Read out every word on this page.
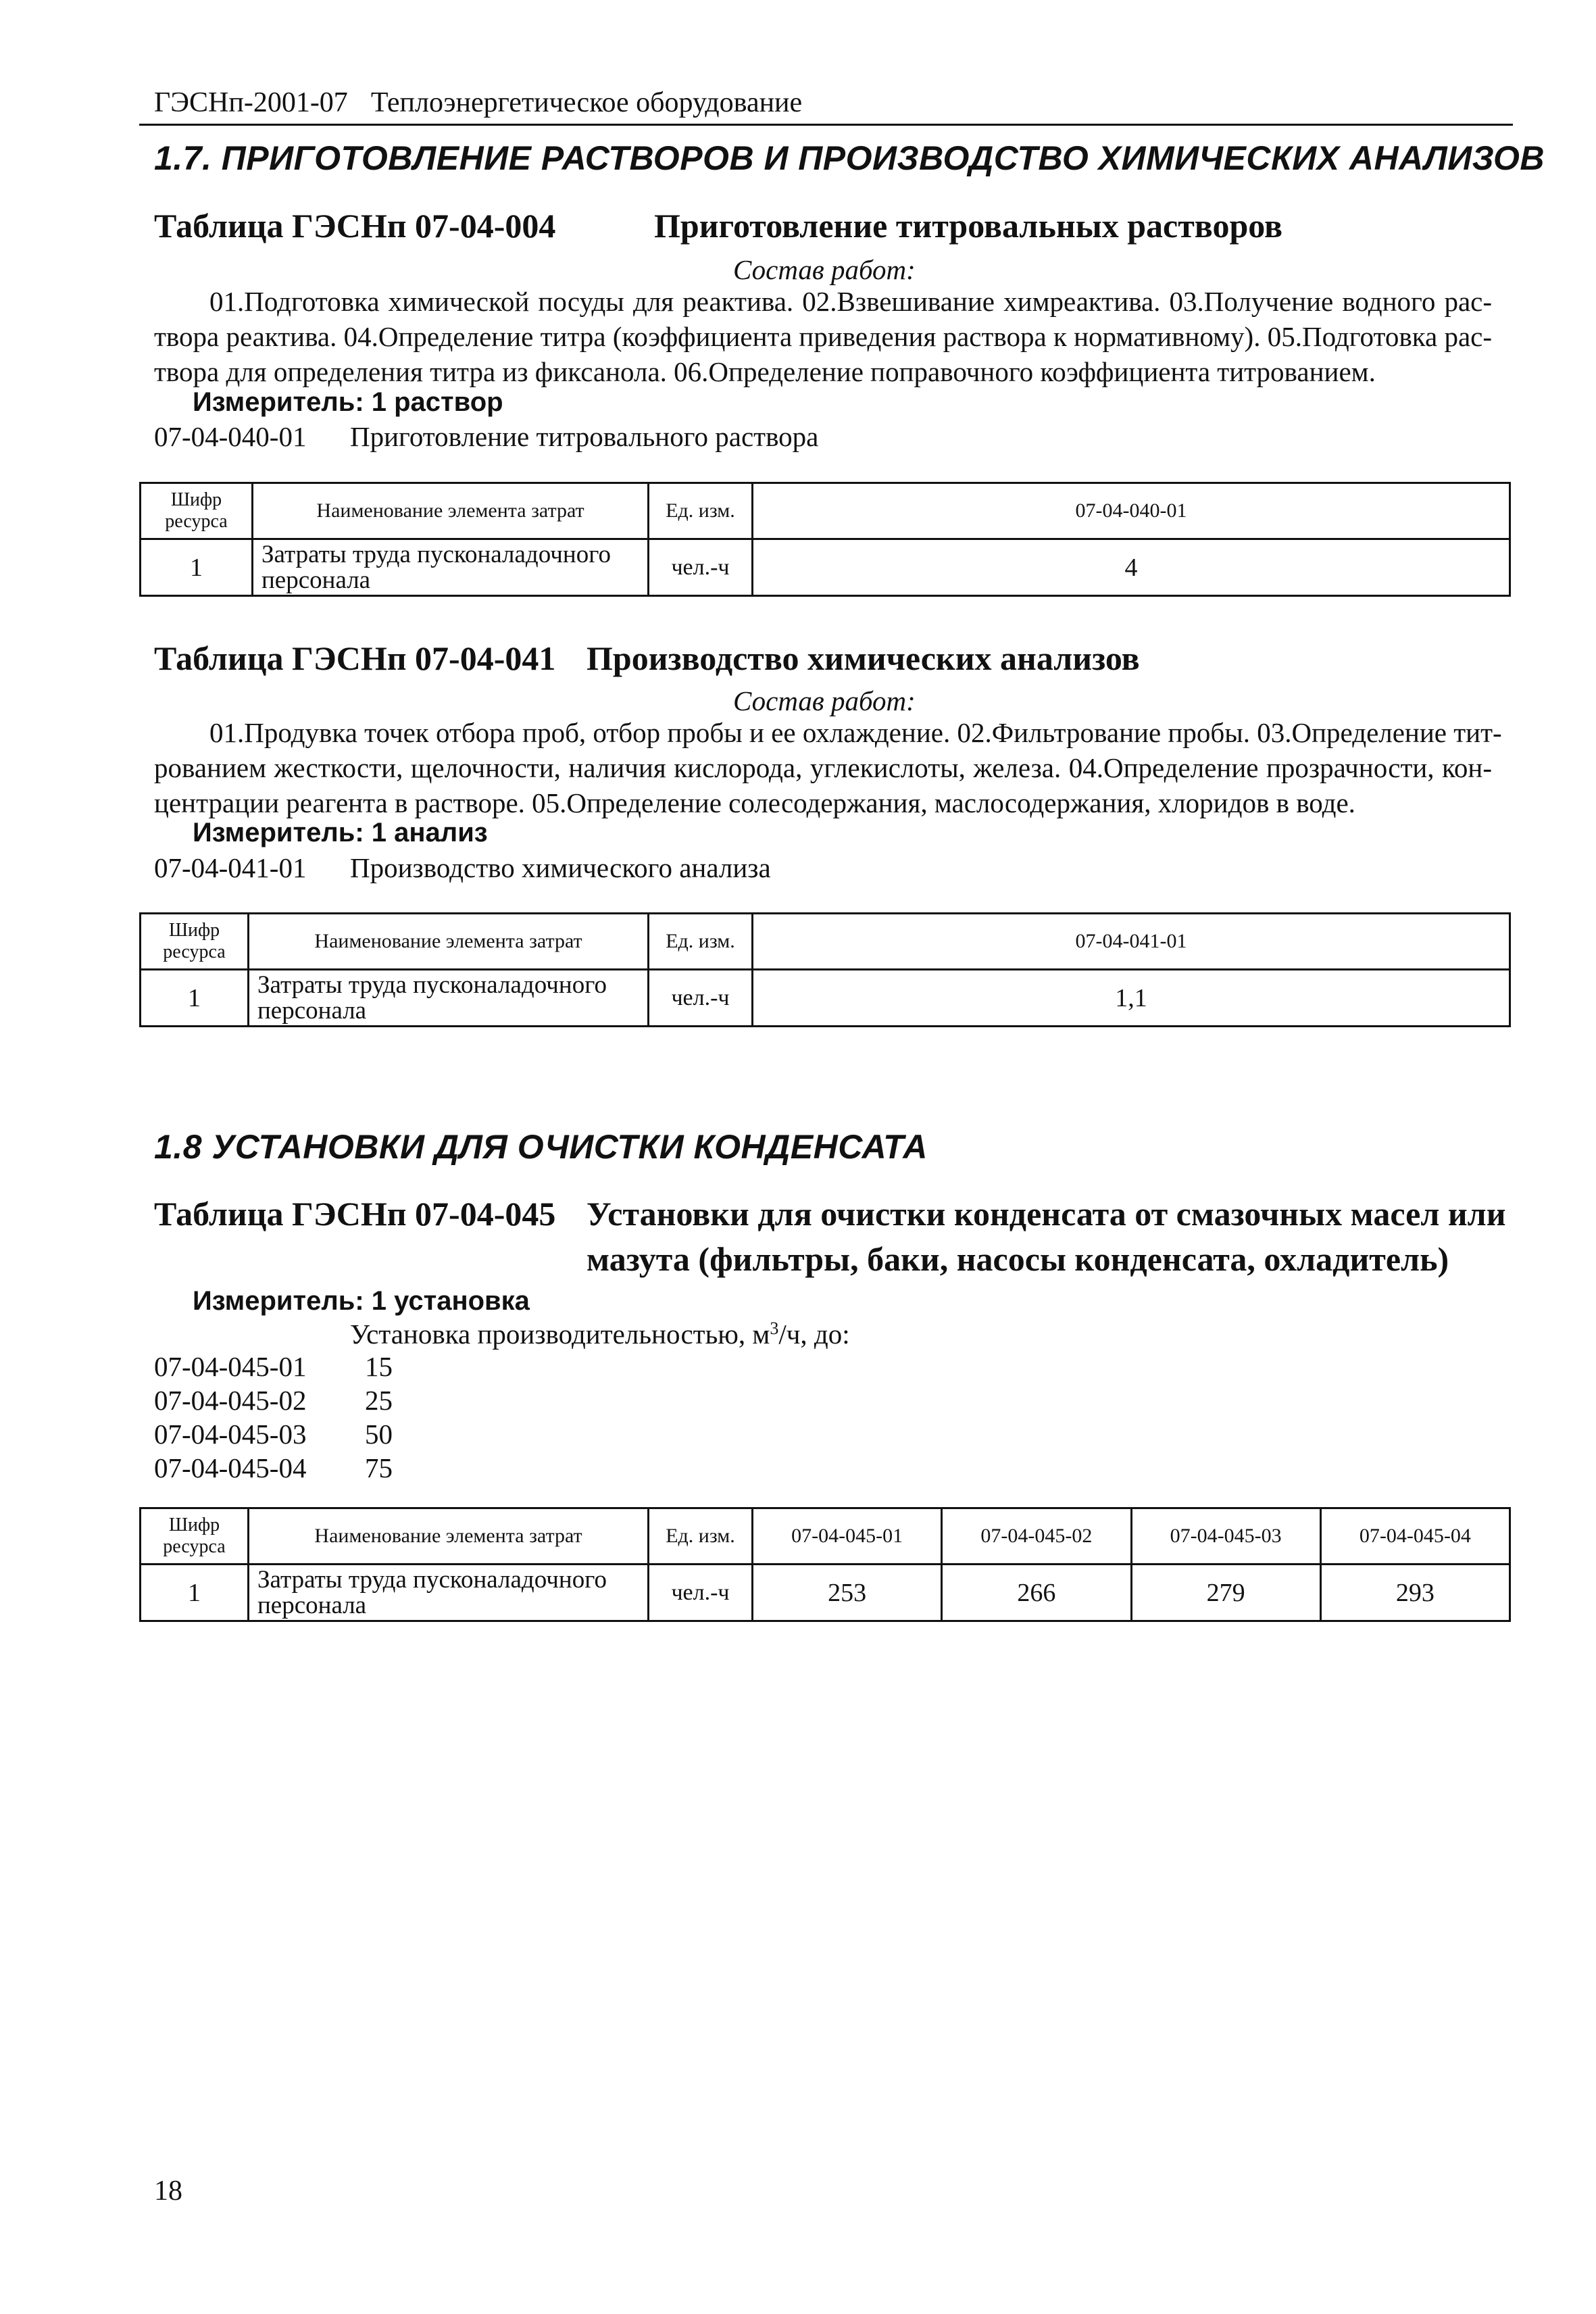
ГЭСНп-2001-07 Теплоэнергетическое оборудование
1.7. ПРИГОТОВЛЕНИЕ РАСТВОРОВ И ПРОИЗВОДСТВО ХИМИЧЕСКИХ АНАЛИЗОВ
Таблица ГЭСНп 07-04-004	Приготовление титровальных растворов
Состав работ:
01.Подготовка химической посуды для реактива. 02.Взвешивание химреактива. 03.Получение водного рас-
твора реактива. 04.Определение титра (коэффициента приведения раствора к нормативному). 05.Подготовка рас-
твора для определения титра из фиксанола. 06.Определение поправочного коэффициента титрованием.
Измеритель: 1 раствор
07-04-040-01 Приготовление титровального раствора
Шифр ресурса	Наименование элемента затрат	Ед. изм.	07-04-040-01
1	Затраты труда пусконаладочного персонала	чел.-ч	4
Таблица ГЭСНп 07-04-041 Производство химических анализов
Состав работ:
01.Продувка точек отбора проб, отбор пробы и ее охлаждение. 02.Фильтрование пробы. 03.Определение тит-
рованием жесткости, щелочности, наличия кислорода, углекислоты, железа. 04.Определение прозрачности, кон-
центрации реагента в растворе. 05.Определение солесодержания, маслосодержания, хлоридов в воде.
Измеритель: 1 анализ
07-04-041-01 Производство химического анализа
Шифр ресурса	Наименование элемента затрат	Ед. изм.	07-04-041-01
1	Затраты труда пусконаладочного персонала	чел.-ч	1,1
1.8 УСТАНОВКИ ДЛЯ ОЧИСТКИ КОНДЕНСАТА
Таблица ГЭСНп 07-04-045 Установки для очистки конденсата от смазочных масел или
мазута (фильтры, баки, насосы конденсата, охладитель)
Измеритель: 1 установка
Установка производительностью, $м^3/ч$, до:
07-04-045-01 15
07-04-045-02 25
07-04-045-03 50
07-04-045-04 75
Шифр ресурса	Наименование элемента затрат	Ед. изм.	07-04-045-01	07-04-045-02	07-04-045-03	07-04-045-04
1	Затраты труда пусконаладочного персонала	чел.-ч	253	266	279	293
18
